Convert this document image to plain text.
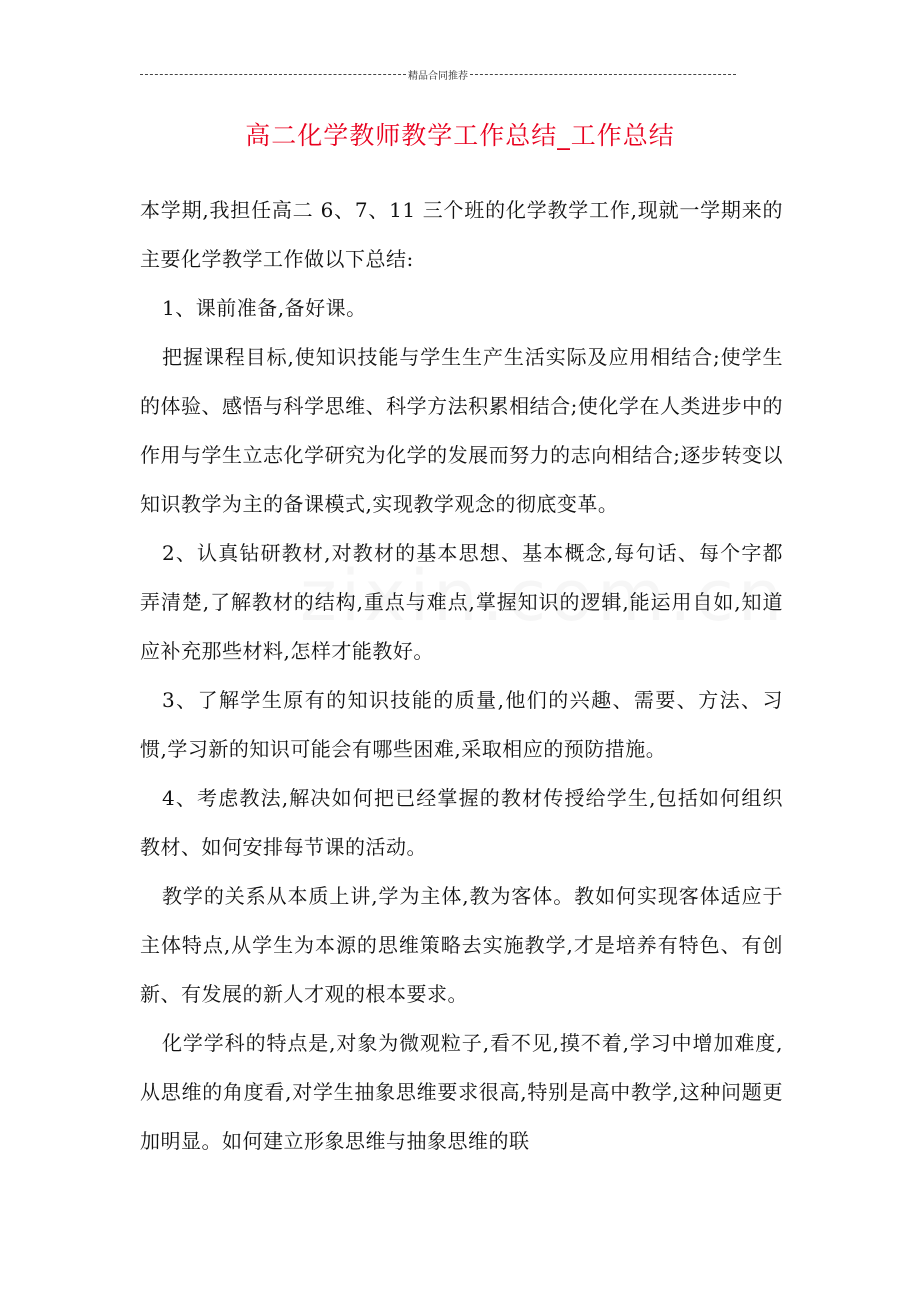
精品合同推荐
高二化学教师教学工作总结_工作总结

本学期,我担任高二 6、7、11 三个班的化学教学工作,现就一学期来的主要化学教学工作做以下总结:

1、课前准备,备好课。

把握课程目标,使知识技能与学生生产生活实际及应用相结合;使学生的体验、感悟与科学思维、科学方法积累相结合;使化学在人类进步中的作用与学生立志化学研究为化学的发展而努力的志向相结合;逐步转变以知识教学为主的备课模式,实现教学观念的彻底变革。

2、认真钻研教材,对教材的基本思想、基本概念,每句话、每个字都弄清楚,了解教材的结构,重点与难点,掌握知识的逻辑,能运用自如,知道应补充那些材料,怎样才能教好。

3、了解学生原有的知识技能的质量,他们的兴趣、需要、方法、习惯,学习新的知识可能会有哪些困难,采取相应的预防措施。

4、考虑教法,解决如何把已经掌握的教材传授给学生,包括如何组织教材、如何安排每节课的活动。

教学的关系从本质上讲,学为主体,教为客体。教如何实现客体适应于主体特点,从学生为本源的思维策略去实施教学,才是培养有特色、有创新、有发展的新人才观的根本要求。

化学学科的特点是,对象为微观粒子,看不见,摸不着,学习中增加难度,从思维的角度看,对学生抽象思维要求很高,特别是高中教学,这种问题更加明显。如何建立形象思维与抽象思维的联
